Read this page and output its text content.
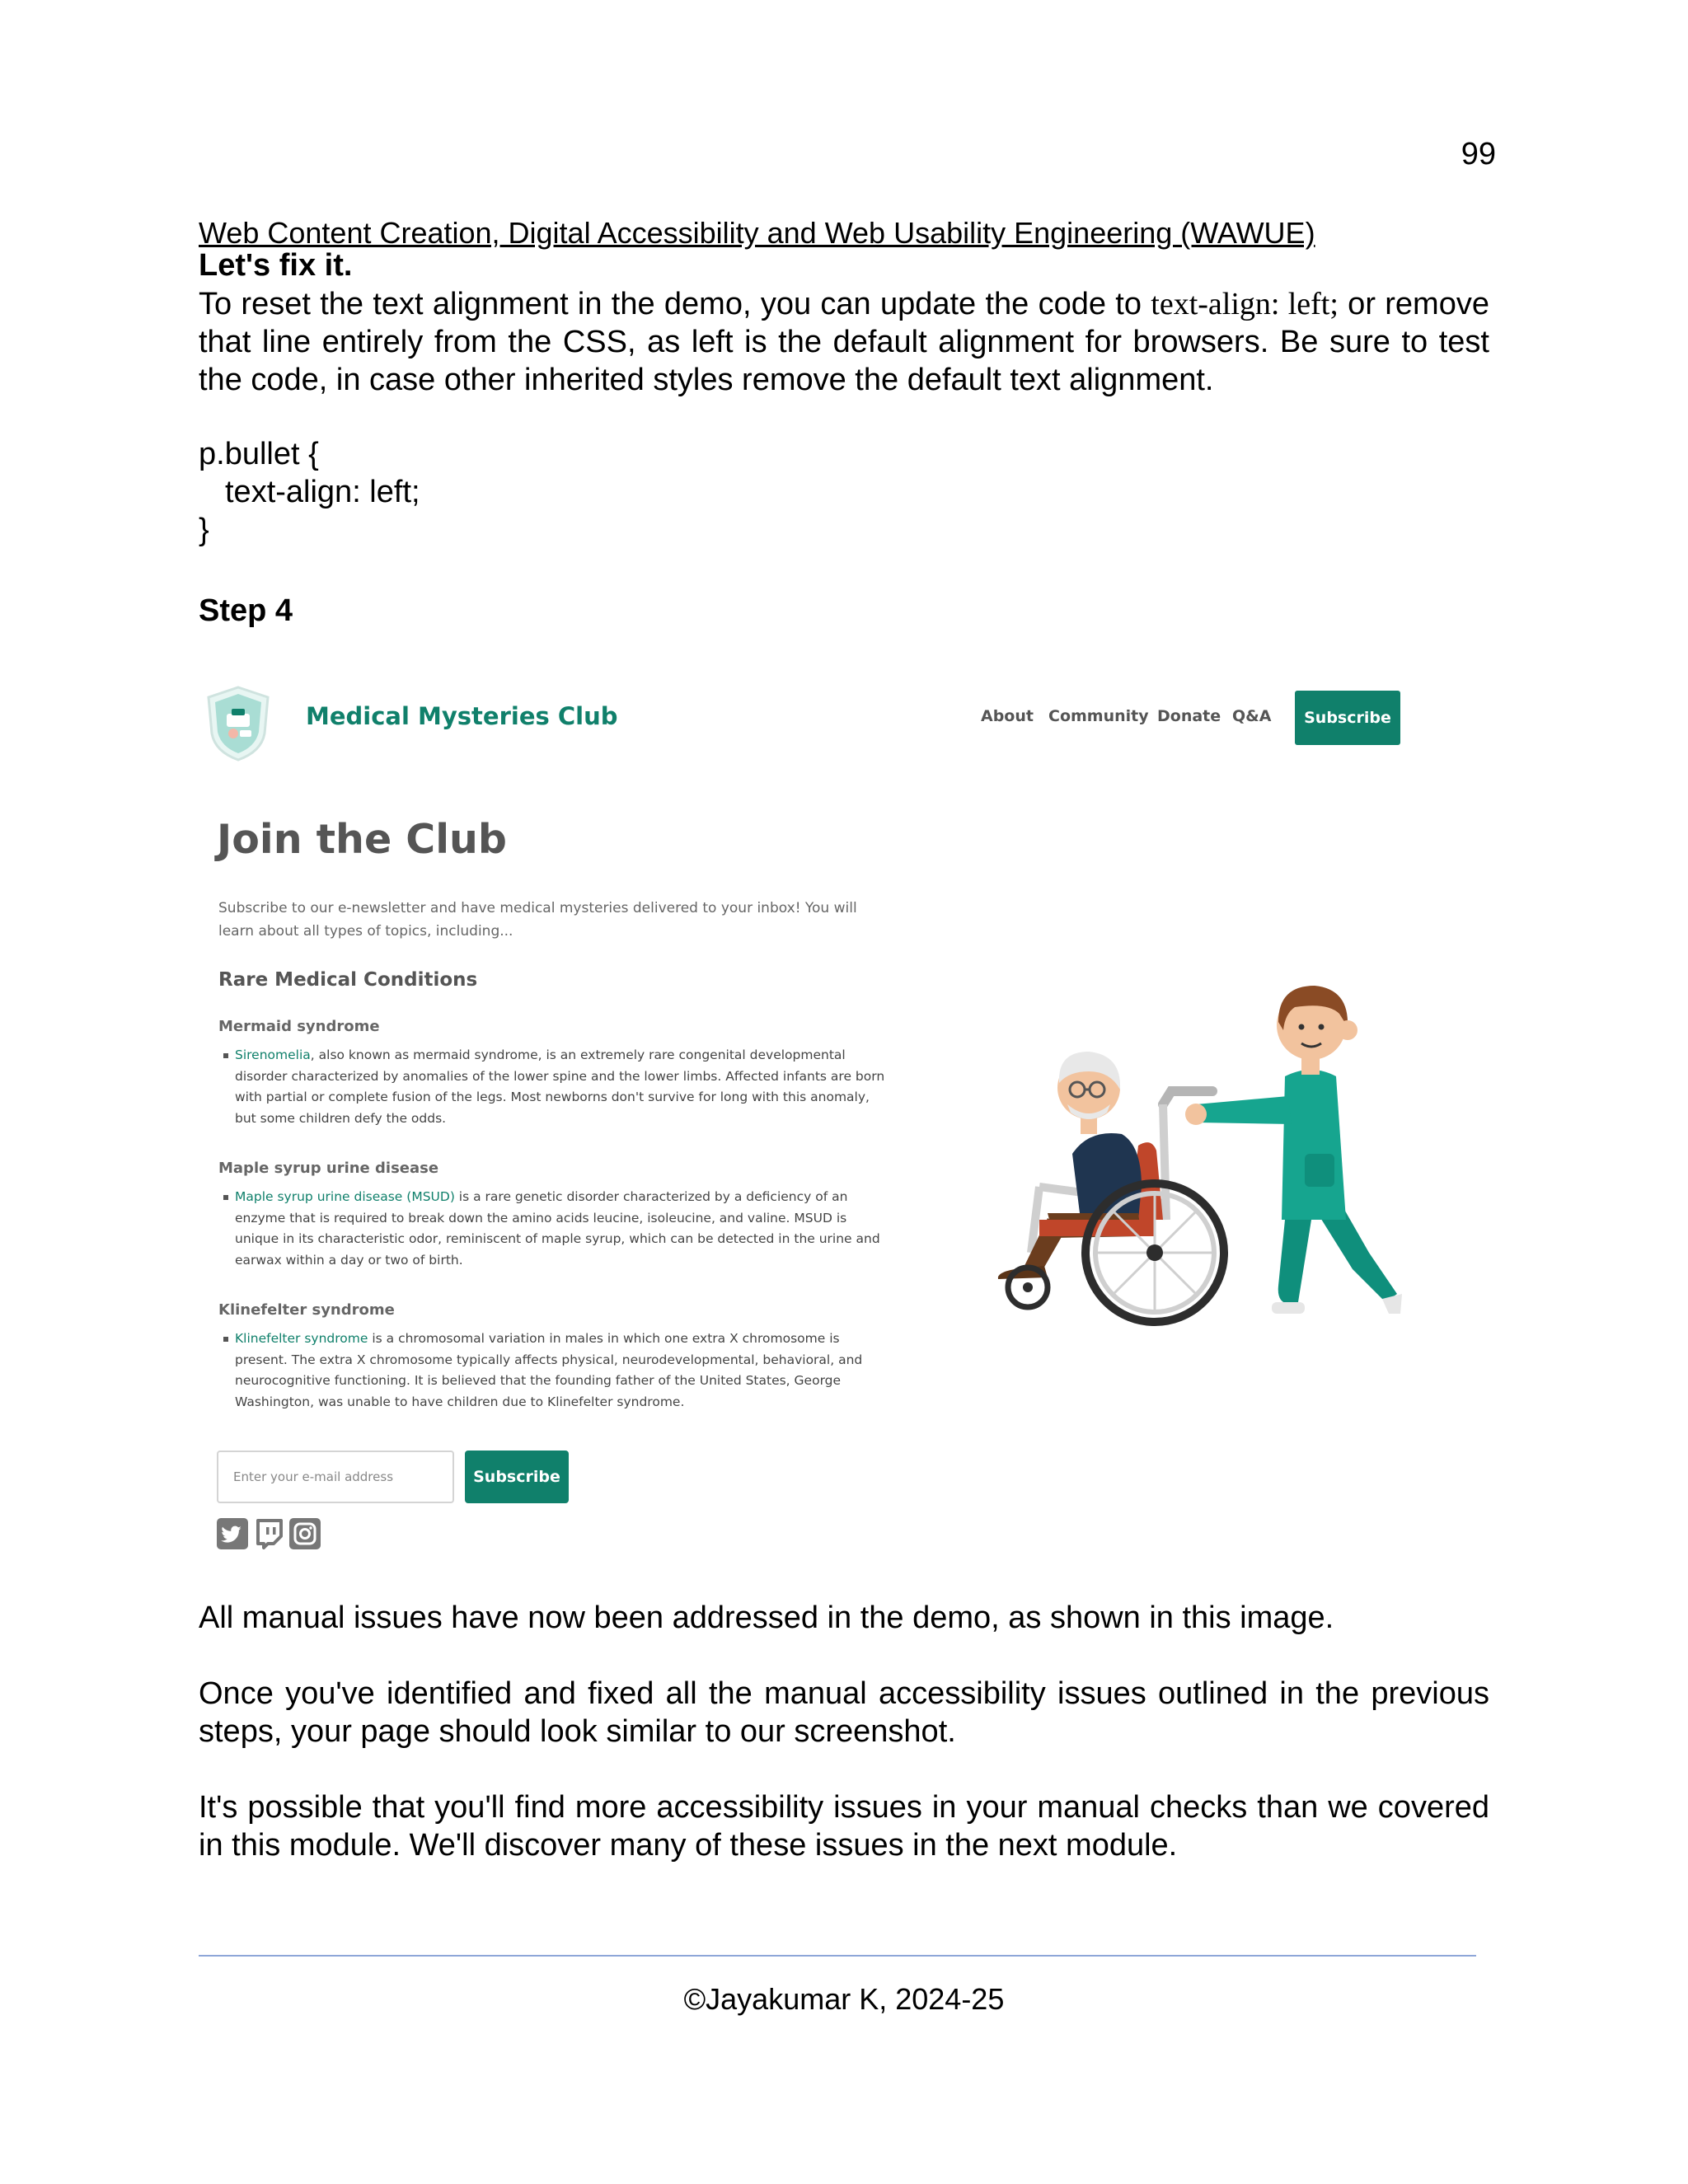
99
Web Content Creation, Digital Accessibility and Web Usability Engineering (WAWUE)
Let's fix it.
To reset the text alignment in the demo, you can update the code to text-align: left; or remove that line entirely from the CSS, as left is the default alignment for browsers. Be sure to test the code, in case other inherited styles remove the default text alignment.
p.bullet {
text-align: left;
}
Step 4
Medical Mysteries Club	About Community Donate Q&A	Subscribe
Join the Club
Subscribe to our e-newsletter and have medical mysteries delivered to your inbox! You will learn about all types of topics, including...
Rare Medical Conditions
Mermaid syndrome
Sirenomelia, also known as mermaid syndrome, is an extremely rare congenital developmental disorder characterized by anomalies of the lower spine and the lower limbs. Affected infants are born with partial or complete fusion of the legs. Most newborns don't survive for long with this anomaly, but some children defy the odds.
Maple syrup urine disease
Maple syrup urine disease (MSUD) is a rare genetic disorder characterized by a deficiency of an enzyme that is required to break down the amino acids leucine, isoleucine, and valine. MSUD is unique in its characteristic odor, reminiscent of maple syrup, which can be detected in the urine and earwax within a day or two of birth.
Klinefelter syndrome
Klinefelter syndrome is a chromosomal variation in males in which one extra X chromosome is present. The extra X chromosome typically affects physical, neurodevelopmental, behavioral, and neurocognitive functioning. It is believed that the founding father of the United States, George Washington, was unable to have children due to Klinefelter syndrome.
Enter your e-mail address
Subscribe
All manual issues have now been addressed in the demo, as shown in this image.
Once you've identified and fixed all the manual accessibility issues outlined in the previous steps, your page should look similar to our screenshot.
It's possible that you'll find more accessibility issues in your manual checks than we covered in this module. We'll discover many of these issues in the next module.
©Jayakumar K, 2024-25
